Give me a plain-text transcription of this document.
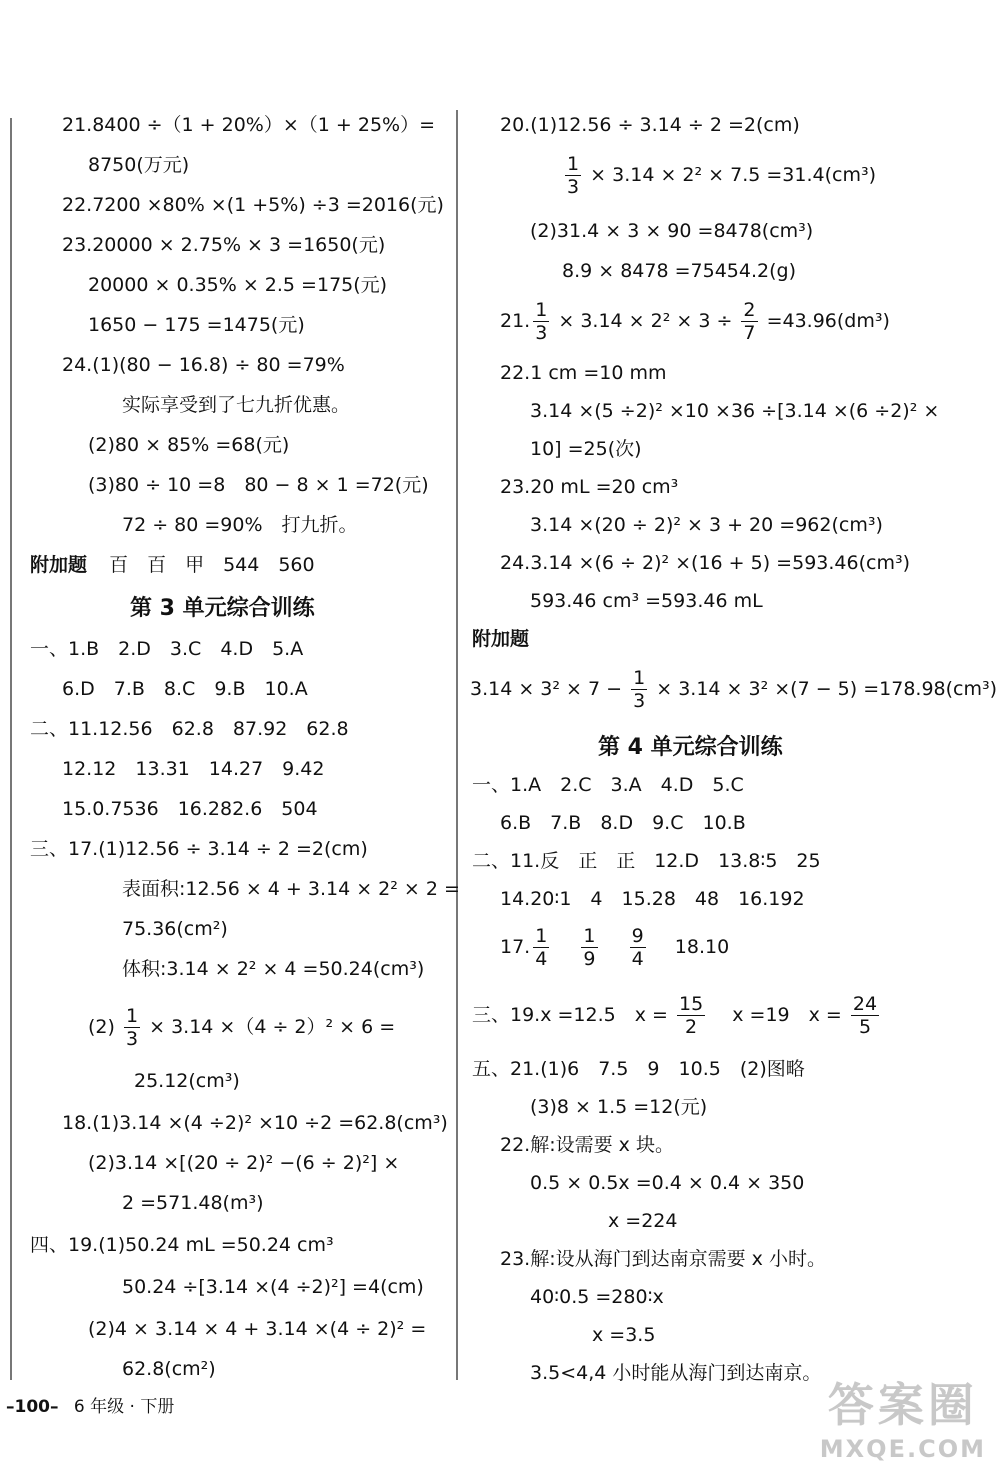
21.8400 ÷（1 + 20%）×（1 + 25%）=
8750(万元)
22.7200 ×80% ×(1 +5%) ÷3 =2016(元)
23.20000 × 2.75% × 3 =1650(元)
20000 × 0.35% × 2.5 =175(元)
1650 − 175 =1475(元)
24.(1)(80 − 16.8) ÷ 80 =79%
实际享受到了七九折优惠。
(2)80 × 85% =68(元)
(3)80 ÷ 10 =8　80 − 8 × 1 =72(元)
72 ÷ 80 =90%　打九折。
附加题 百　百　甲　544　560
第 3 单元综合训练
一、1.B　2.D　3.C　4.D　5.A
6.D　7.B　8.C　9.B　10.A
二、11.12.56　62.8　87.92　62.8
12.12　13.31　14.27　9.42
15.0.7536　16.282.6　504
三、17.(1)12.56 ÷ 3.14 ÷ 2 =2(cm)
表面积:12.56 × 4 + 3.14 × 2² × 2 =
75.36(cm²)
体积:3.14 × 2² × 4 =50.24(cm³)
$(2) \frac{1}{3} \times 3.14 \times(4 \div 2)^2 \times 6$ =
25.12(cm³)
18.(1)3.14 ×(4 ÷2)² ×10 ÷2 =62.8(cm³)
(2)3.14 ×[(20 ÷ 2)² −(6 ÷ 2)²] ×
2 =571.48(m³)
四、19.(1)50.24 mL =50.24 cm³
50.24 ÷[3.14 ×(4 ÷2)²] =4(cm)
(2)4 × 3.14 × 4 + 3.14 ×(4 ÷ 2)² =
62.8(cm²)
20.(1)12.56 ÷ 3.14 ÷ 2 =2(cm)
$\frac{1}{3} \times 3.14 \times 2^2 \times 7.5 =31.4(cm^3)$
(2)31.4 × 3 × 90 =8478(cm³)
8.9 × 8478 =75454.2(g)
21. $\frac{1}{3} \times 3.14 \times 2^2 \times 3 \div \frac{2}{7} =43.96(dm^3)$
22.1 cm =10 mm
3.14 ×(5 ÷2)² ×10 ×36 ÷[3.14 ×(6 ÷2)² ×
10] =25(次)
23.20 mL =20 cm³
3.14 ×(20 ÷ 2)² × 3 + 20 =962(cm³)
24.3.14 ×(6 ÷ 2)² ×(16 + 5) =593.46(cm³)
593.46 cm³ =593.46 mL
附加题
$3.14 \times 3^2 \times 7 - \frac{1}{3} \times 3.14 \times 3^2 \times(7 - 5) =178.98(cm^3)$
第 4 单元综合训练
一、1.A　2.C　3.A　4.D　5.C
6.B　7.B　8.D　9.C　10.B
二、11.反　正　正　12.D　13.8∶5　25
14.20∶1　4　15.28　48　16.192
17. $\frac{1}{4}$
$\frac{1}{9}$
$\frac{9}{4} 18.10$
三、19.x =12.5　$x = \frac{15}{2}$ x =19　$x = \frac{24}{5}$
五、21.(1)6　7.5　9　10.5　(2)图略
(3)8 × 1.5 =12(元)
22.解:设需要 x 块。
0.5 × 0.5x =0.4 × 0.4 × 350
x =224
23.解:设从海门到达南京需要 x 小时。
40∶0.5 =280∶x
x =3.5
3.5<4,4 小时能从海门到达南京。
–100– 6 年级 · 下册	答案圈
MXQE.COM
